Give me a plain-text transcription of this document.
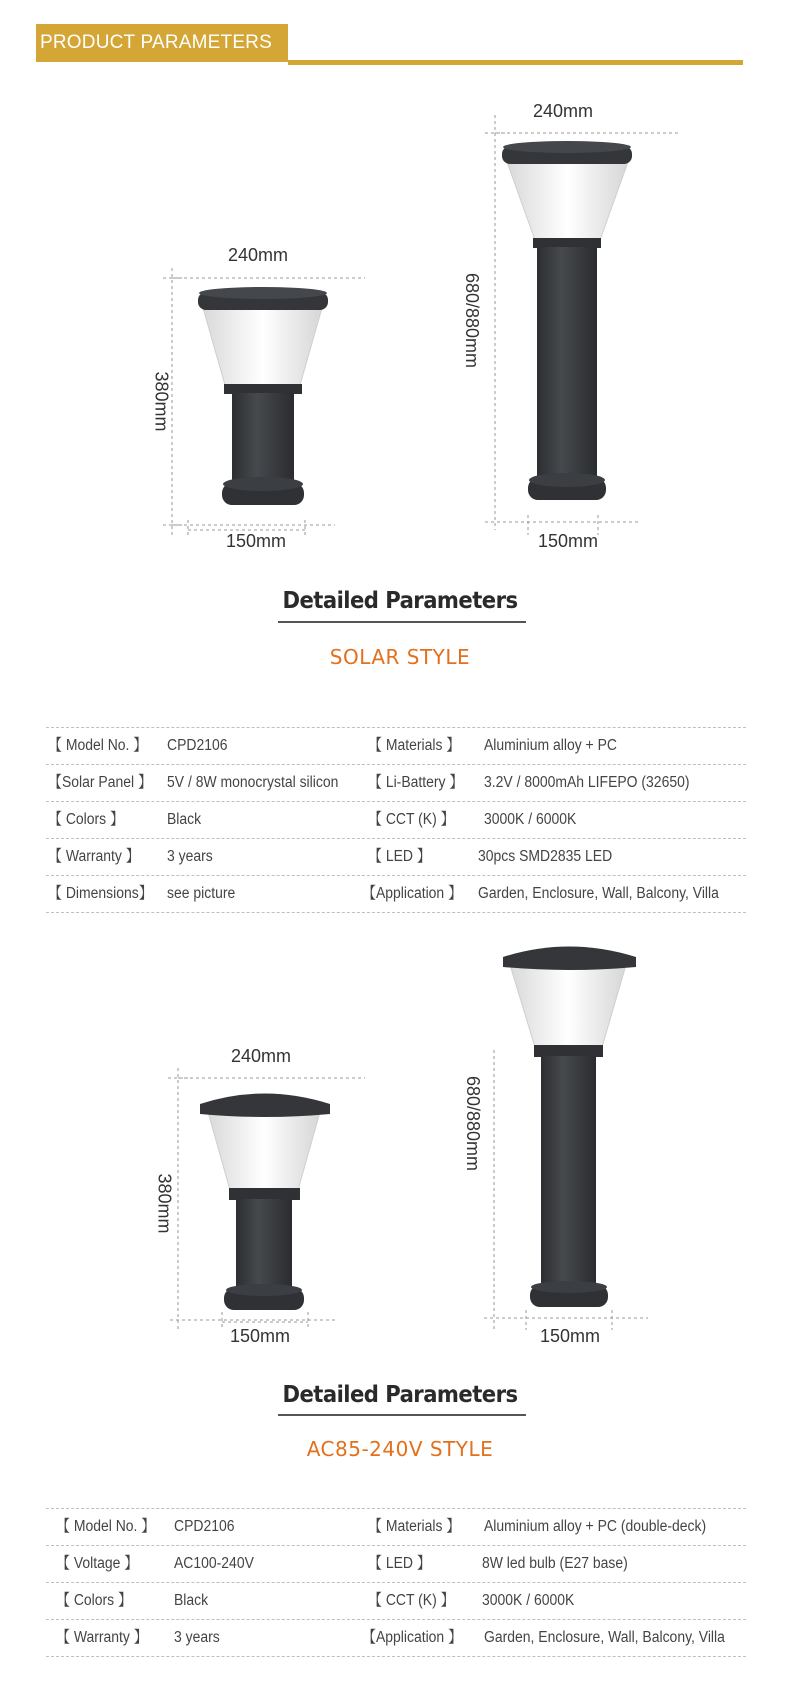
PRODUCT PARAMETERS
240mm
380mm
150mm
240mm
680/880mm
150mm
Detailed Parameters
SOLAR STYLE
【 Model No. 】 CPD2106	【 Materials 】 Aluminium alloy + PC
【Solar Panel 】 5V / 8W monocrystal silicon 【 Li-Battery 】 3.2V / 8000mAh LIFEPO (32650)
【 Colors 】	Black	【 CCT (K) 】 3000K / 6000K
【 Warranty 】 3 years	【 LED 】	30pcs SMD2835 LED
【 Dimensions】 see picture	【Application 】 Garden, Enclosure, Wall, Balcony, Villa
240mm
380mm
150mm
680/880mm
150mm
Detailed Parameters
AC85-240V STYLE
【 Model No. 】 CPD2106	【 Materials 】 Aluminium alloy + PC (double-deck)
【 Voltage 】 AC100-240V	【 LED 】	8W led bulb (E27 base)
【 Colors 】	Black	【 CCT (K) 】 3000K / 6000K
【 Warranty 】 3 years	【Application 】 Garden, Enclosure, Wall, Balcony, Villa
